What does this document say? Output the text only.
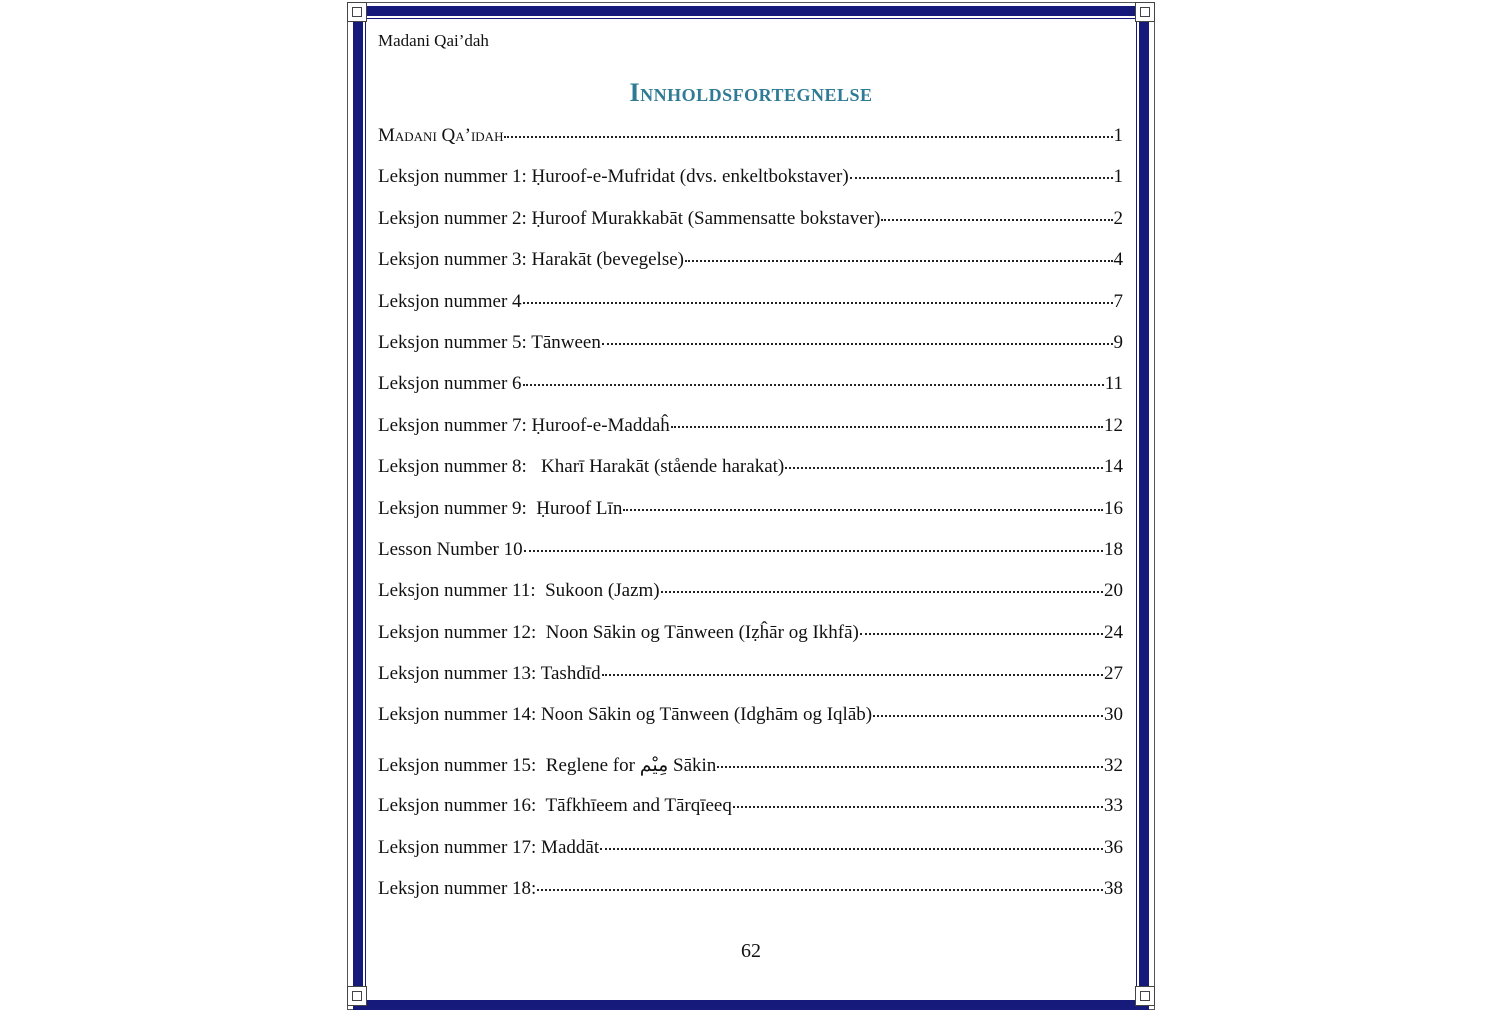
Madani Qai’dah
Innholdsfortegnelse
Madani Qa’idah	1
Leksjon nummer 1: Ḥuroof-e-Mufridat (dvs. enkeltbokstaver)	1
Leksjon nummer 2: Ḥuroof Murakkabāt (Sammensatte bokstaver)	2
Leksjon nummer 3: Harakāt (bevegelse)	4
Leksjon nummer 4	7
Leksjon nummer 5: Tānween	9
Leksjon nummer 6	11
Leksjon nummer 7: Ḥuroof-e-Maddaĥ	12
Leksjon nummer 8:   Kharī Harakāt (stående harakat)	14
Leksjon nummer 9:  Ḥuroof Līn	16
Lesson Number 10	18
Leksjon nummer 11:  Sukoon (Jazm)	20
Leksjon nummer 12:  Noon Sākin og Tānween (Iẓĥār og Ikhfā)	24
Leksjon nummer 13: Tashdīd	27
Leksjon nummer 14: Noon Sākin og Tānween (Idghām og Iqlāb)	30
Leksjon nummer 15:  Reglene for مِيْم Sākin	32
Leksjon nummer 16:  Tāfkhīeem and Tārqīeeq	33
Leksjon nummer 17: Maddāt	36
Leksjon nummer 18:	38
62
